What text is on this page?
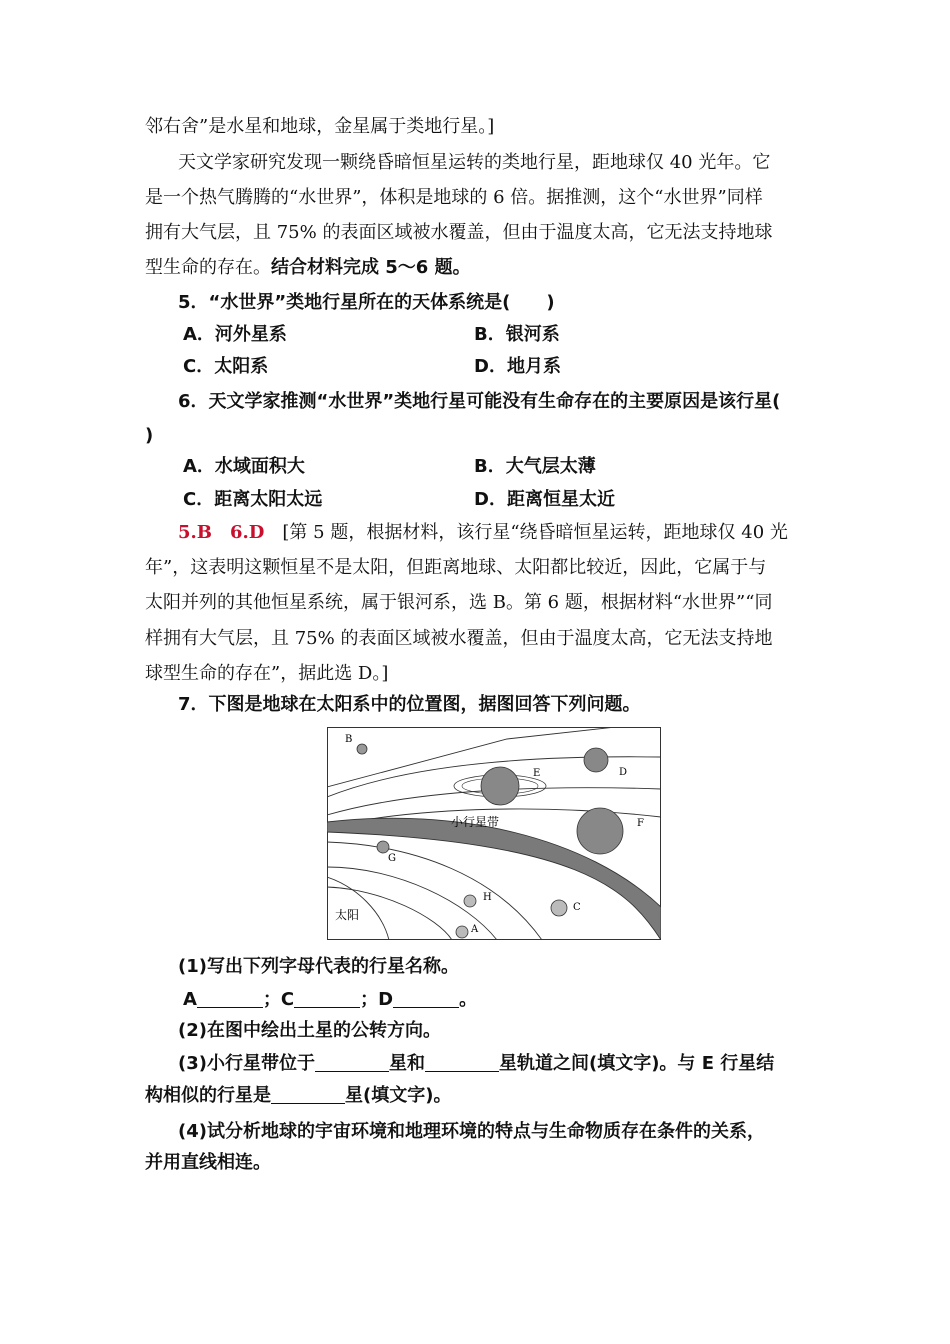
邻右舍”是水星和地球，金星属于类地行星。]
天文学家研究发现一颗绕昏暗恒星运转的类地行星，距地球仅 40 光年。它
是一个热气腾腾的“水世界”，体积是地球的 6 倍。据推测，这个“水世界”同样
拥有大气层，且 75% 的表面区域被水覆盖，但由于温度太高，它无法支持地球
型生命的存在。结合材料完成 5～6 题。
5．“水世界”类地行星所在的天体系统是(　　)
A．河外星系	B．银河系
C．太阳系	D．地月系
6．天文学家推测“水世界”类地行星可能没有生命存在的主要原因是该行星(
)
A．水域面积大	B．大气层太薄
C．距离太阳太远	D．距离恒星太近
5.B　6.D　 [第 5 题，根据材料，该行星“绕昏暗恒星运转，距地球仅 40 光
年”，这表明这颗恒星不是太阳，但距离地球、太阳都比较近，因此，它属于与
太阳并列的其他恒星系统，属于银河系，选 B。第 6 题，根据材料“水世界”“同
样拥有大气层，且 75% 的表面区域被水覆盖，但由于温度太高，它无法支持地
球型生命的存在”，据此选 D。]
7．下图是地球在太阳系中的位置图，据图回答下列问题。
B
D
E
F
G
H
C
A
小行星带
太阳
(1)写出下列字母代表的行星名称。
A	；C	；D	。
(2)在图中绘出土星的公转方向。
(3)小行星带位于	星和	星轨道之间(填文字)。与 E 行星结
构相似的行星是	星(填文字)。
(4)试分析地球的宇宙环境和地理环境的特点与生命物质存在条件的关系，
并用直线相连。
